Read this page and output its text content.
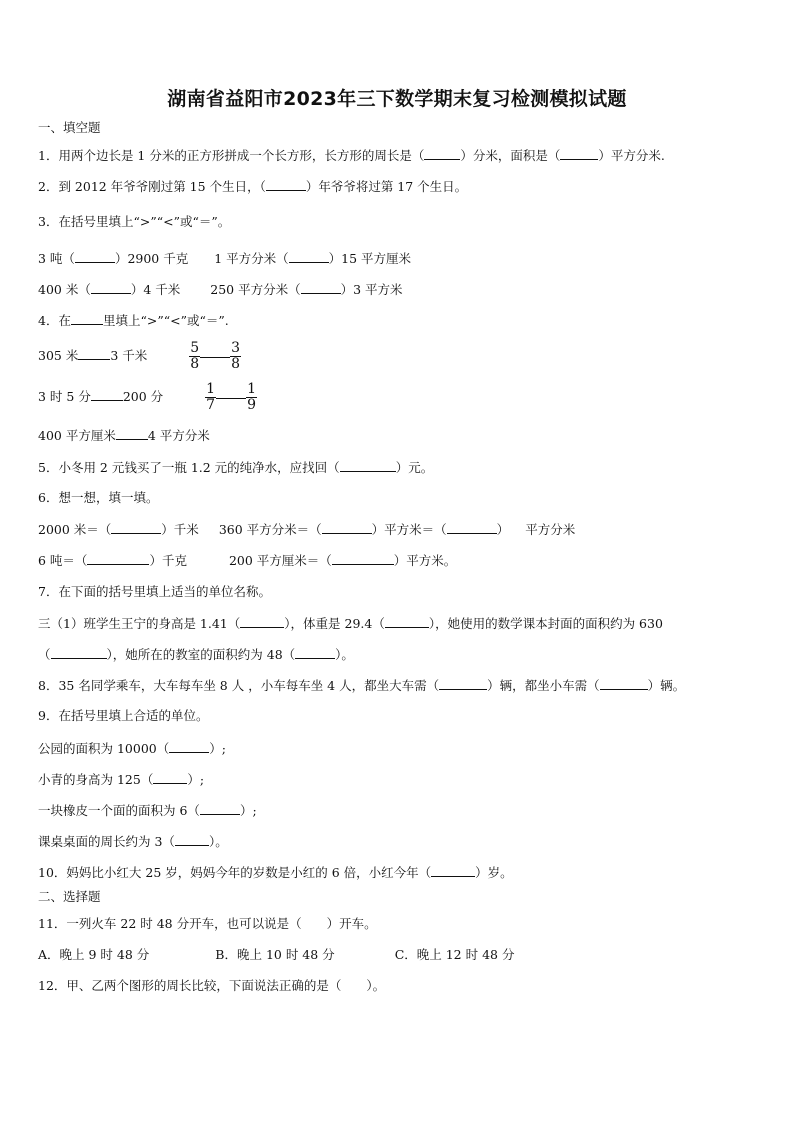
湖南省益阳市2023年三下数学期末复习检测模拟试题
一、填空题
1．用两个边长是 1 分米的正方形拼成一个长方形，长方形的周长是（	）分米，面积是（	）平方分米.
2．到 2012 年爷爷刚过第 15 个生日，（	）年爷爷将过第 17 个生日。
3．在括号里填上“>”“<”或“＝”。
3 吨（	）2900 千克 1 平方分米（	）15 平方厘米
400 米（	）4 千米 250 平方分米（	）3 平方米
4．在	里填上“>”“<”或“＝”.
305 米	3 千米	$\frac{5}{8} \frac{3}{8}$
3 时 5 分	200 分	$\frac{1}{7} \frac{1}{9}$
400 平方厘米	4 平方分米
5．小冬用 2 元钱买了一瓶 1.2 元的纯净水，应找回（	）元。
6．想一想，填一填。
2000 米＝（	）千米 360 平方分米＝（	）平方米＝（	） 平方分米
6 吨＝（	）千克	200 平方厘米＝（	）平方米。
7．在下面的括号里填上适当的单位名称。
三（1）班学生王宁的身高是 1.41（	），体重是 29.4（	），她使用的数学课本封面的面积约为 630
（	），她所在的教室的面积约为 48（	）。
8．35 名同学乘车，大车每车坐 8 人 ，小车每车坐 4 人，都坐大车需（	）辆，都坐小车需（	）辆。
9．在括号里填上合适的单位。
公园的面积为 10000（	）;
小青的身高为 125（	）;
一块橡皮一个面的面积为 6（	）;
课桌桌面的周长约为 3（	）。
10．妈妈比小红大 25 岁，妈妈今年的岁数是小红的 6 倍，小红今年（	）岁。
二、选择题
11．一列火车 22 时 48 分开车，也可以说是（　　）开车。
A．晚上 9 时 48 分	B．晚上 10 时 48 分	C．晚上 12 时 48 分
12．甲、乙两个图形的周长比较，下面说法正确的是（　　）。
